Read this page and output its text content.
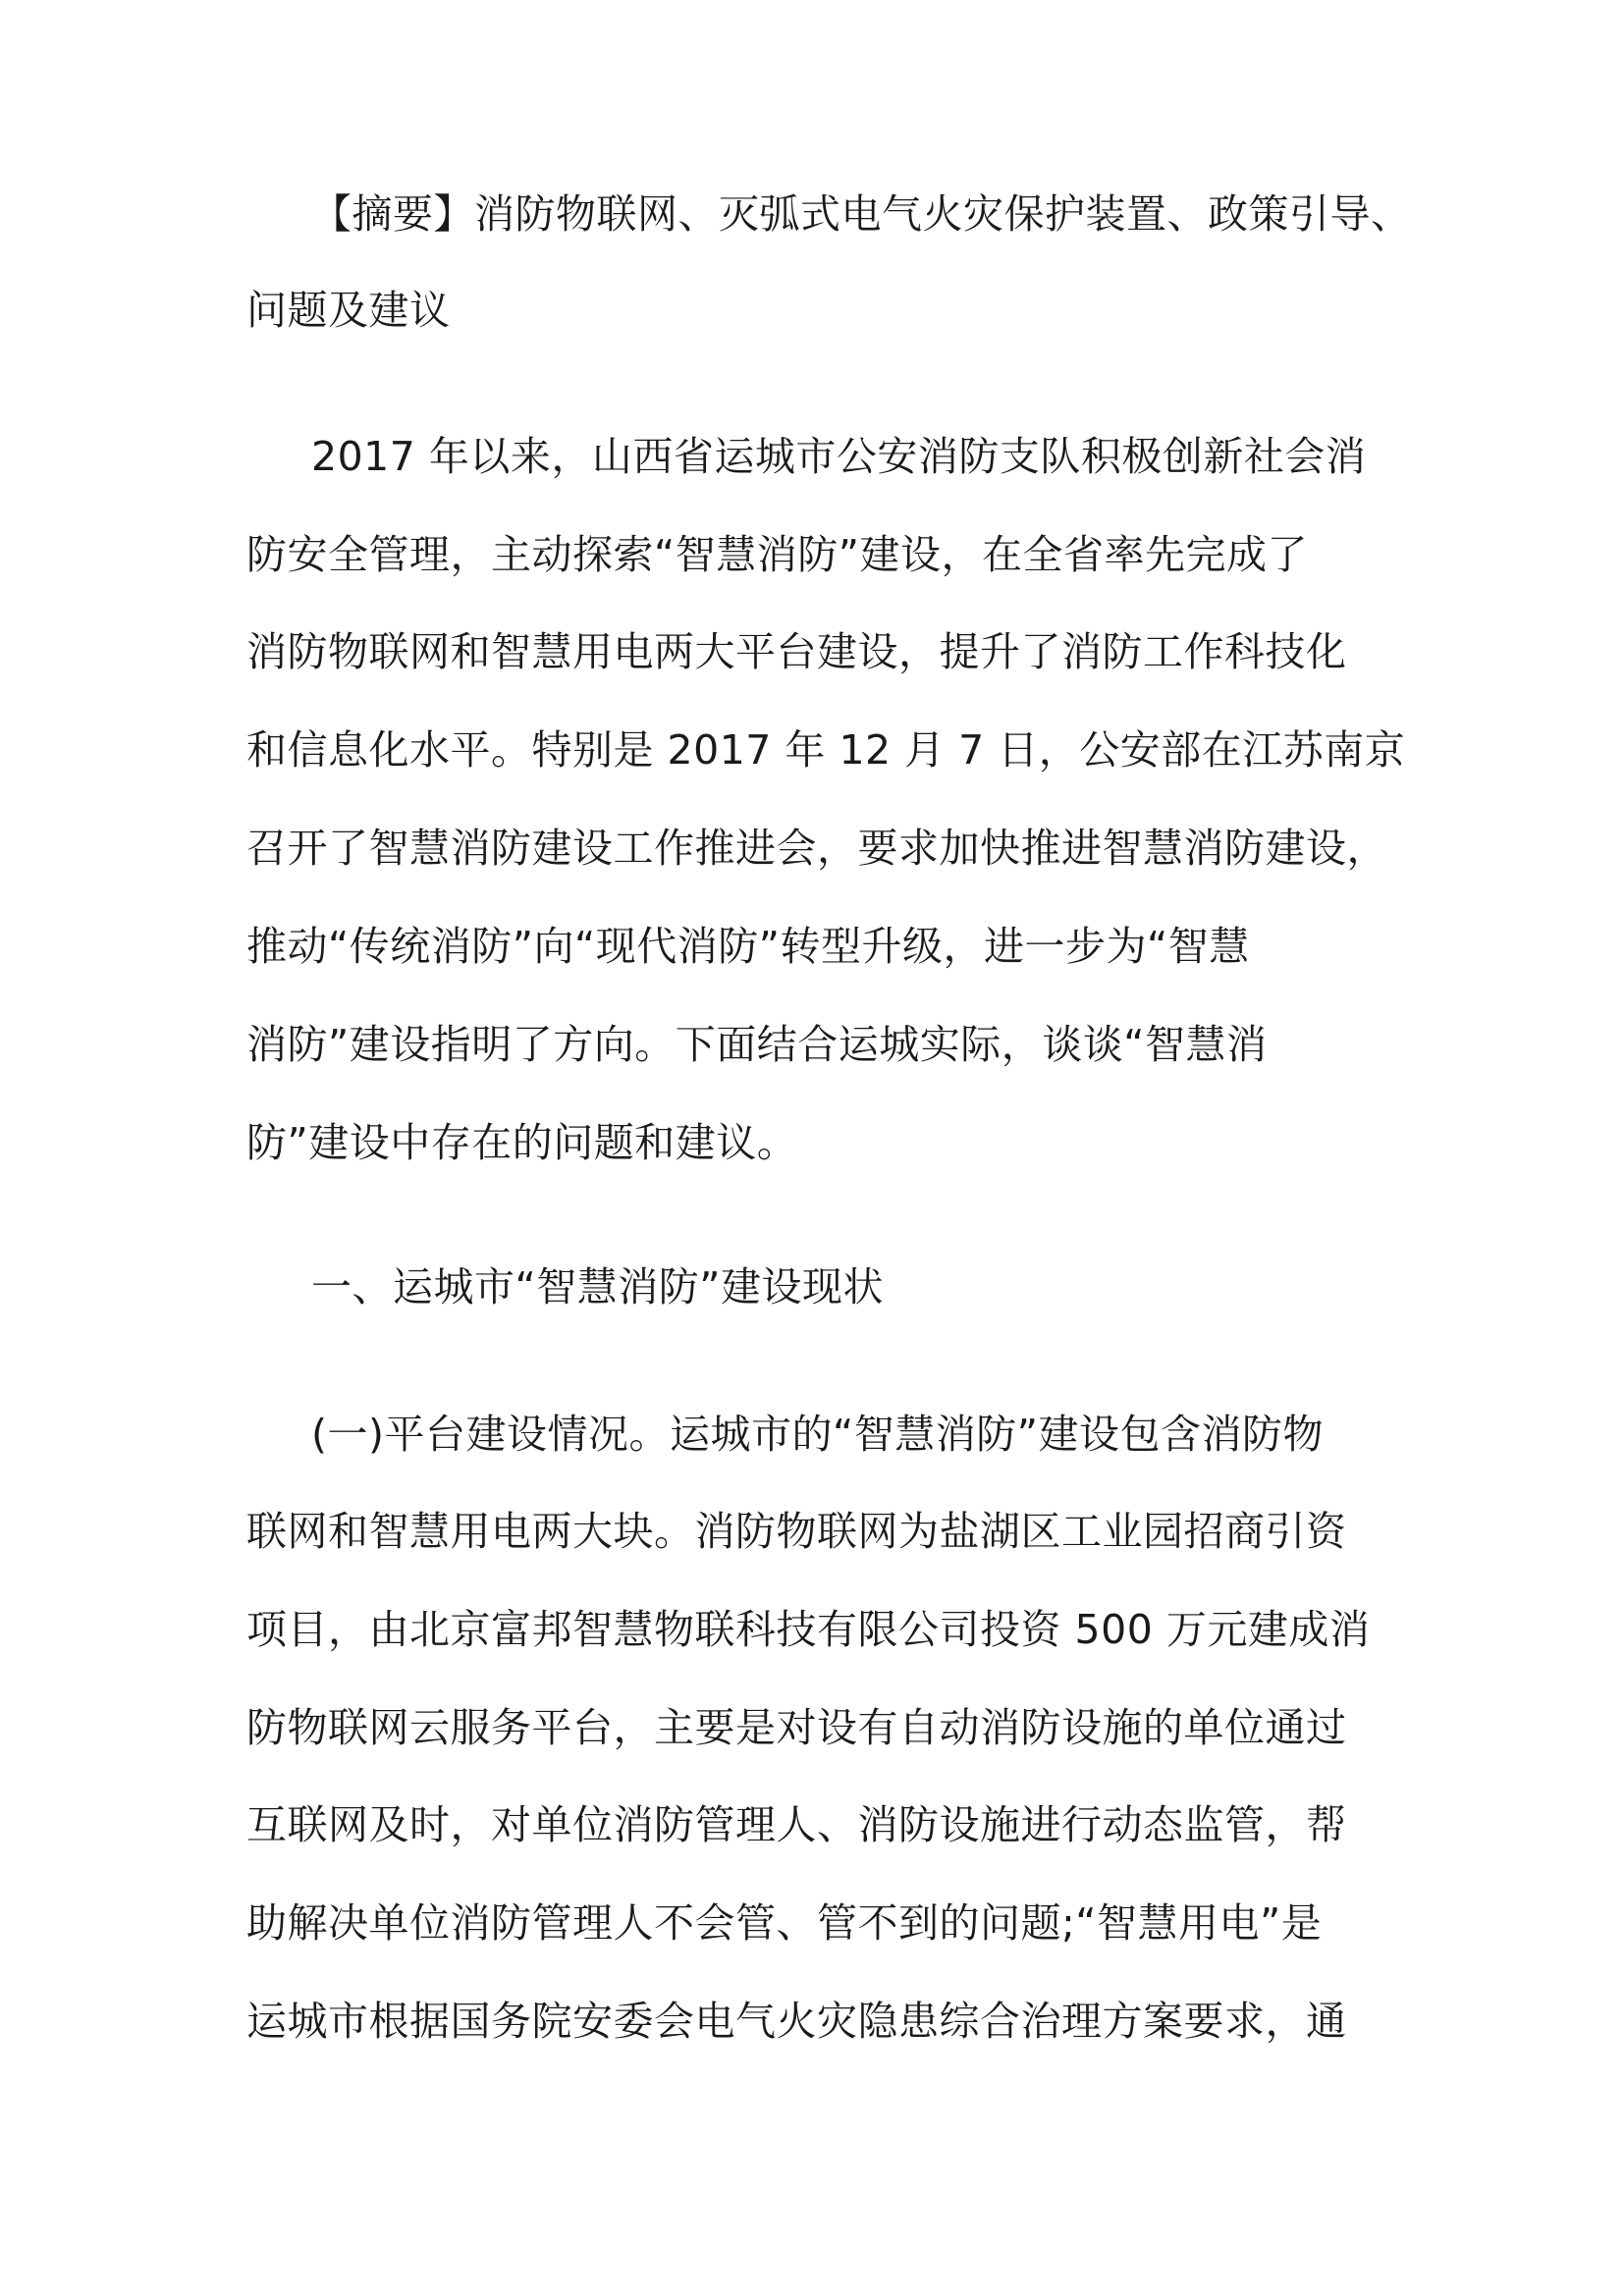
【摘要】消防物联网、灭弧式电气火灾保护装置、政策引导、
问题及建议
2017 年以来，山西省运城市公安消防支队积极创新社会消
防安全管理，主动探索“智慧消防”建设，在全省率先完成了
消防物联网和智慧用电两大平台建设，提升了消防工作科技化
和信息化水平。特别是 2017 年 12 月 7 日，公安部在江苏南京
召开了智慧消防建设工作推进会，要求加快推进智慧消防建设，
推动“传统消防”向“现代消防”转型升级，进一步为“智慧
消防”建设指明了方向。下面结合运城实际，谈谈“智慧消
防”建设中存在的问题和建议。
一、运城市“智慧消防”建设现状
(一)平台建设情况。运城市的“智慧消防”建设包含消防物
联网和智慧用电两大块。消防物联网为盐湖区工业园招商引资
项目，由北京富邦智慧物联科技有限公司投资 500 万元建成消
防物联网云服务平台，主要是对设有自动消防设施的单位通过
互联网及时，对单位消防管理人、消防设施进行动态监管，帮
助解决单位消防管理人不会管、管不到的问题;“智慧用电”是
运城市根据国务院安委会电气火灾隐患综合治理方案要求，通
